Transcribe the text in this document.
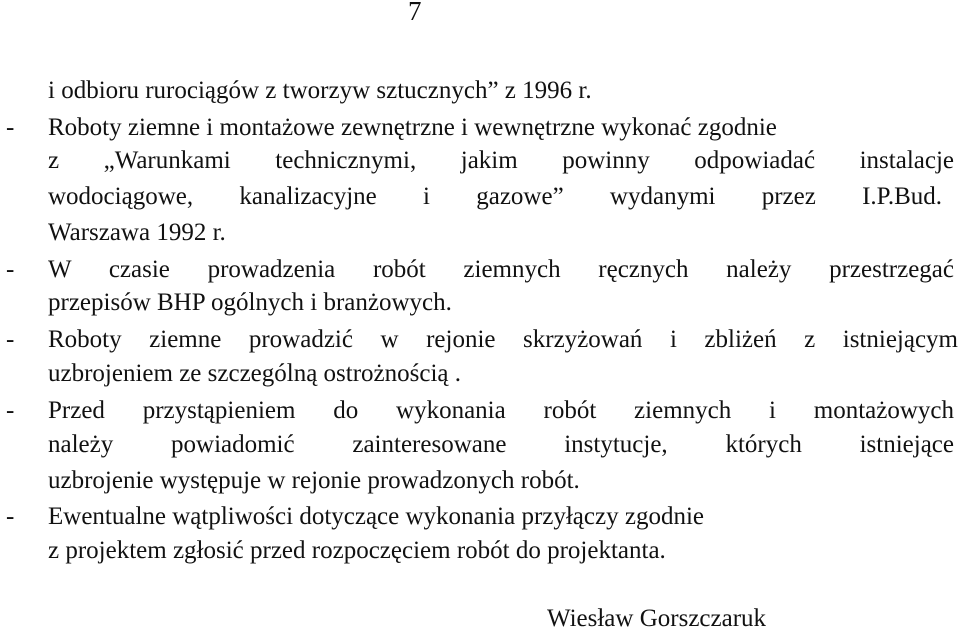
7
i odbioru rurociągów z tworzyw sztucznych” z 1996 r.
- Roboty ziemne i montażowe zewnętrzne i wewnętrzne wykonać zgodnie
z „Warunkami technicznymi, jakim powinny odpowiadać instalacje
wodociągowe, kanalizacyjne i gazowe” wydanymi przez I.P.Bud.
Warszawa 1992 r.
- W czasie prowadzenia robót ziemnych ręcznych należy przestrzegać
przepisów BHP ogólnych i branżowych.
- Roboty ziemne prowadzić w rejonie skrzyżowań i zbliżeń z istniejącym
uzbrojeniem ze szczególną ostrożnością .
- Przed przystąpieniem do wykonania robót ziemnych i montażowych
należy powiadomić zainteresowane instytucje, których istniejące
uzbrojenie występuje w rejonie prowadzonych robót.
- Ewentualne wątpliwości dotyczące wykonania przyłączy zgodnie
z projektem zgłosić przed rozpoczęciem robót do projektanta.
Wiesław Gorszczaruk
